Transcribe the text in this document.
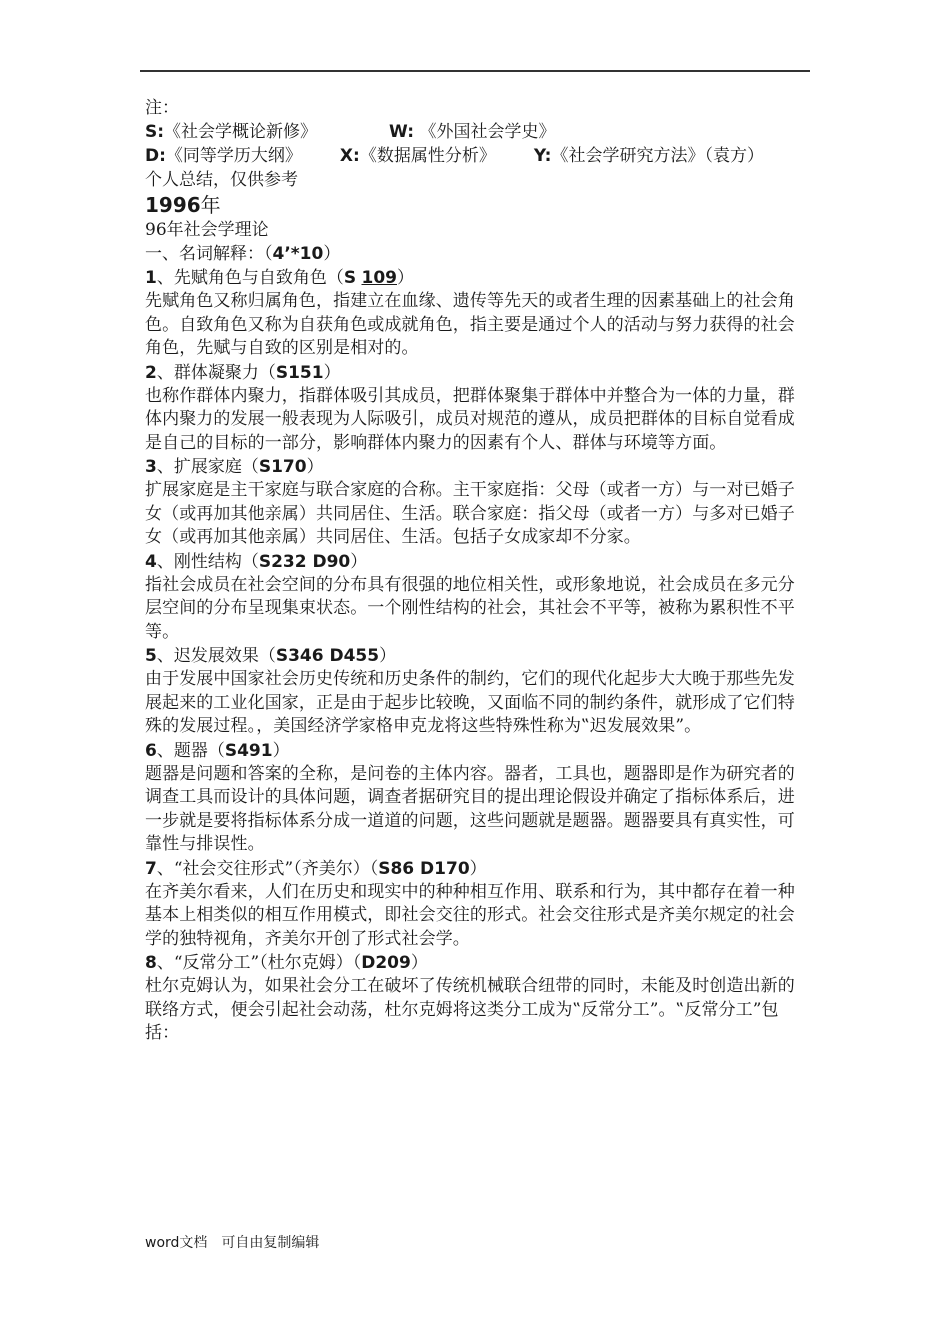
注：
S:《社会学概论新修》	W: 《外国社会学史》
D:《同等学历大纲》 X:《数据属性分析》 Y:《社会学研究方法》（袁方）
个人总结，仅供参考
1996年
96年社会学理论
一、名词解释：（4’*10）
1、先赋角色与自致角色（S 109）
先赋角色又称归属角色，指建立在血缘、遗传等先天的或者生理的因素基础上的社会角色。自致角色又称为自获角色或成就角色，指主要是通过个人的活动与努力获得的社会角色，先赋与自致的区别是相对的。
2、群体凝聚力（S151）
也称作群体内聚力，指群体吸引其成员，把群体聚集于群体中并整合为一体的力量，群体内聚力的发展一般表现为人际吸引，成员对规范的遵从，成员把群体的目标自觉看成是自己的目标的一部分，影响群体内聚力的因素有个人、群体与环境等方面。
3、扩展家庭（S170）
扩展家庭是主干家庭与联合家庭的合称。主干家庭指：父母（或者一方）与一对已婚子女（或再加其他亲属）共同居住、生活。联合家庭：指父母（或者一方）与多对已婚子女（或再加其他亲属）共同居住、生活。包括子女成家却不分家。
4、刚性结构（S232 D90）
指社会成员在社会空间的分布具有很强的地位相关性，或形象地说，社会成员在多元分层空间的分布呈现集束状态。一个刚性结构的社会，其社会不平等，被称为累积性不平等。
5、迟发展效果（S346 D455）
由于发展中国家社会历史传统和历史条件的制约，它们的现代化起步大大晚于那些先发展起来的工业化国家，正是由于起步比较晚，又面临不同的制约条件，就形成了它们特殊的发展过程。，美国经济学家格申克龙将这些特殊性称为‟迟发展效果”。
6、题器（S491）
题器是问题和答案的全称，是问卷的主体内容。器者，工具也，题器即是作为研究者的调查工具而设计的具体问题，调查者据研究目的提出理论假设并确定了指标体系后，进一步就是要将指标体系分成一道道的问题，这些问题就是题器。题器要具有真实性，可靠性与排误性。
7、“社会交往形式”（齐美尔）（S86 D170）
在齐美尔看来，人们在历史和现实中的种种相互作用、联系和行为，其中都存在着一种基本上相类似的相互作用模式，即社会交往的形式。社会交往形式是齐美尔规定的社会学的独特视角，齐美尔开创了形式社会学。
8、“反常分工”（杜尔克姆）（D209）
杜尔克姆认为，如果社会分工在破坏了传统机械联合纽带的同时，未能及时创造出新的联络方式，便会引起社会动荡，杜尔克姆将这类分工成为‟反常分工”。‟反常分工”包括：
word文档 可自由复制编辑
